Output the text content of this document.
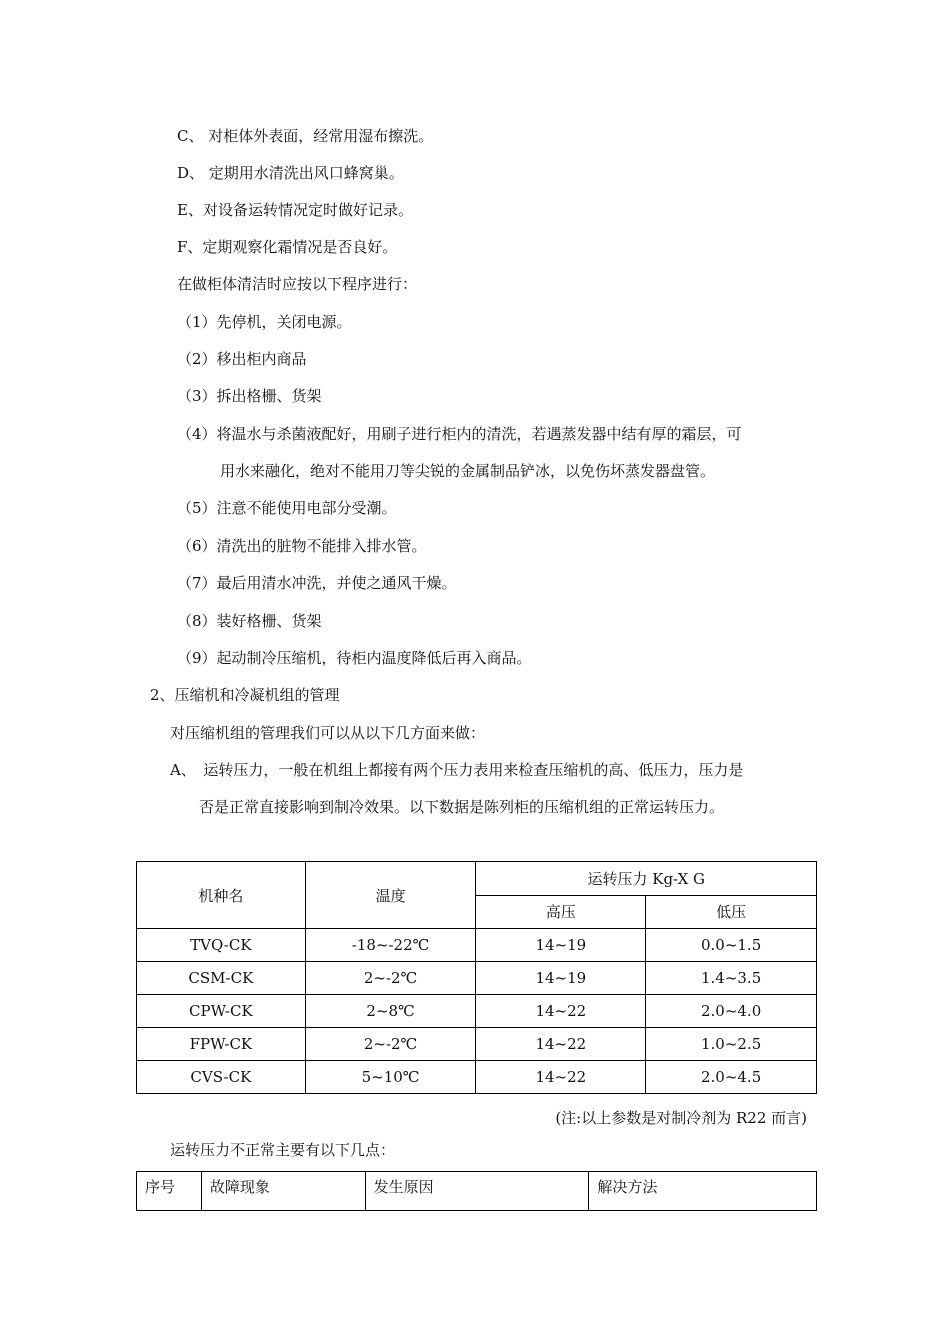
C、 对柜体外表面，经常用湿布擦洗。
D、 定期用水清洗出风口蜂窝巢。
E、对设备运转情况定时做好记录。
F、定期观察化霜情况是否良好。
在做柜体清洁时应按以下程序进行：
（1）先停机，关闭电源。
（2）移出柜内商品
（3）拆出格栅、货架
（4）将温水与杀菌液配好，用刷子进行柜内的清洗，若遇蒸发器中结有厚的霜层，可
用水来融化，绝对不能用刀等尖锐的金属制品铲冰，以免伤坏蒸发器盘管。
（5）注意不能使用电部分受潮。
（6）清洗出的脏物不能排入排水管。
（7）最后用清水冲洗，并使之通风干燥。
（8）装好格栅、货架
（9）起动制冷压缩机，待柜内温度降低后再入商品。
2、压缩机和冷凝机组的管理
对压缩机组的管理我们可以从以下几方面来做：
A、　运转压力，一般在机组上都接有两个压力表用来检查压缩机的高、低压力，压力是
否是正常直接影响到制冷效果。以下数据是陈列柜的压缩机组的正常运转压力。
机种名	温度	运转压力 Kg-X G	
		高压	低压
TVQ-CK	-18~-22℃	14~19	0.0~1.5
CSM-CK	2~-2℃	14~19	1.4~3.5
CPW-CK	2~8℃	14~22	2.0~4.0
FPW-CK	2~-2℃	14~22	1.0~2.5
CVS-CK	5~10℃	14~22	2.0~4.5
(注:以上参数是对制冷剂为 R22 而言)
运转压力不正常主要有以下几点：
序号	故障现象	发生原因	解决方法
